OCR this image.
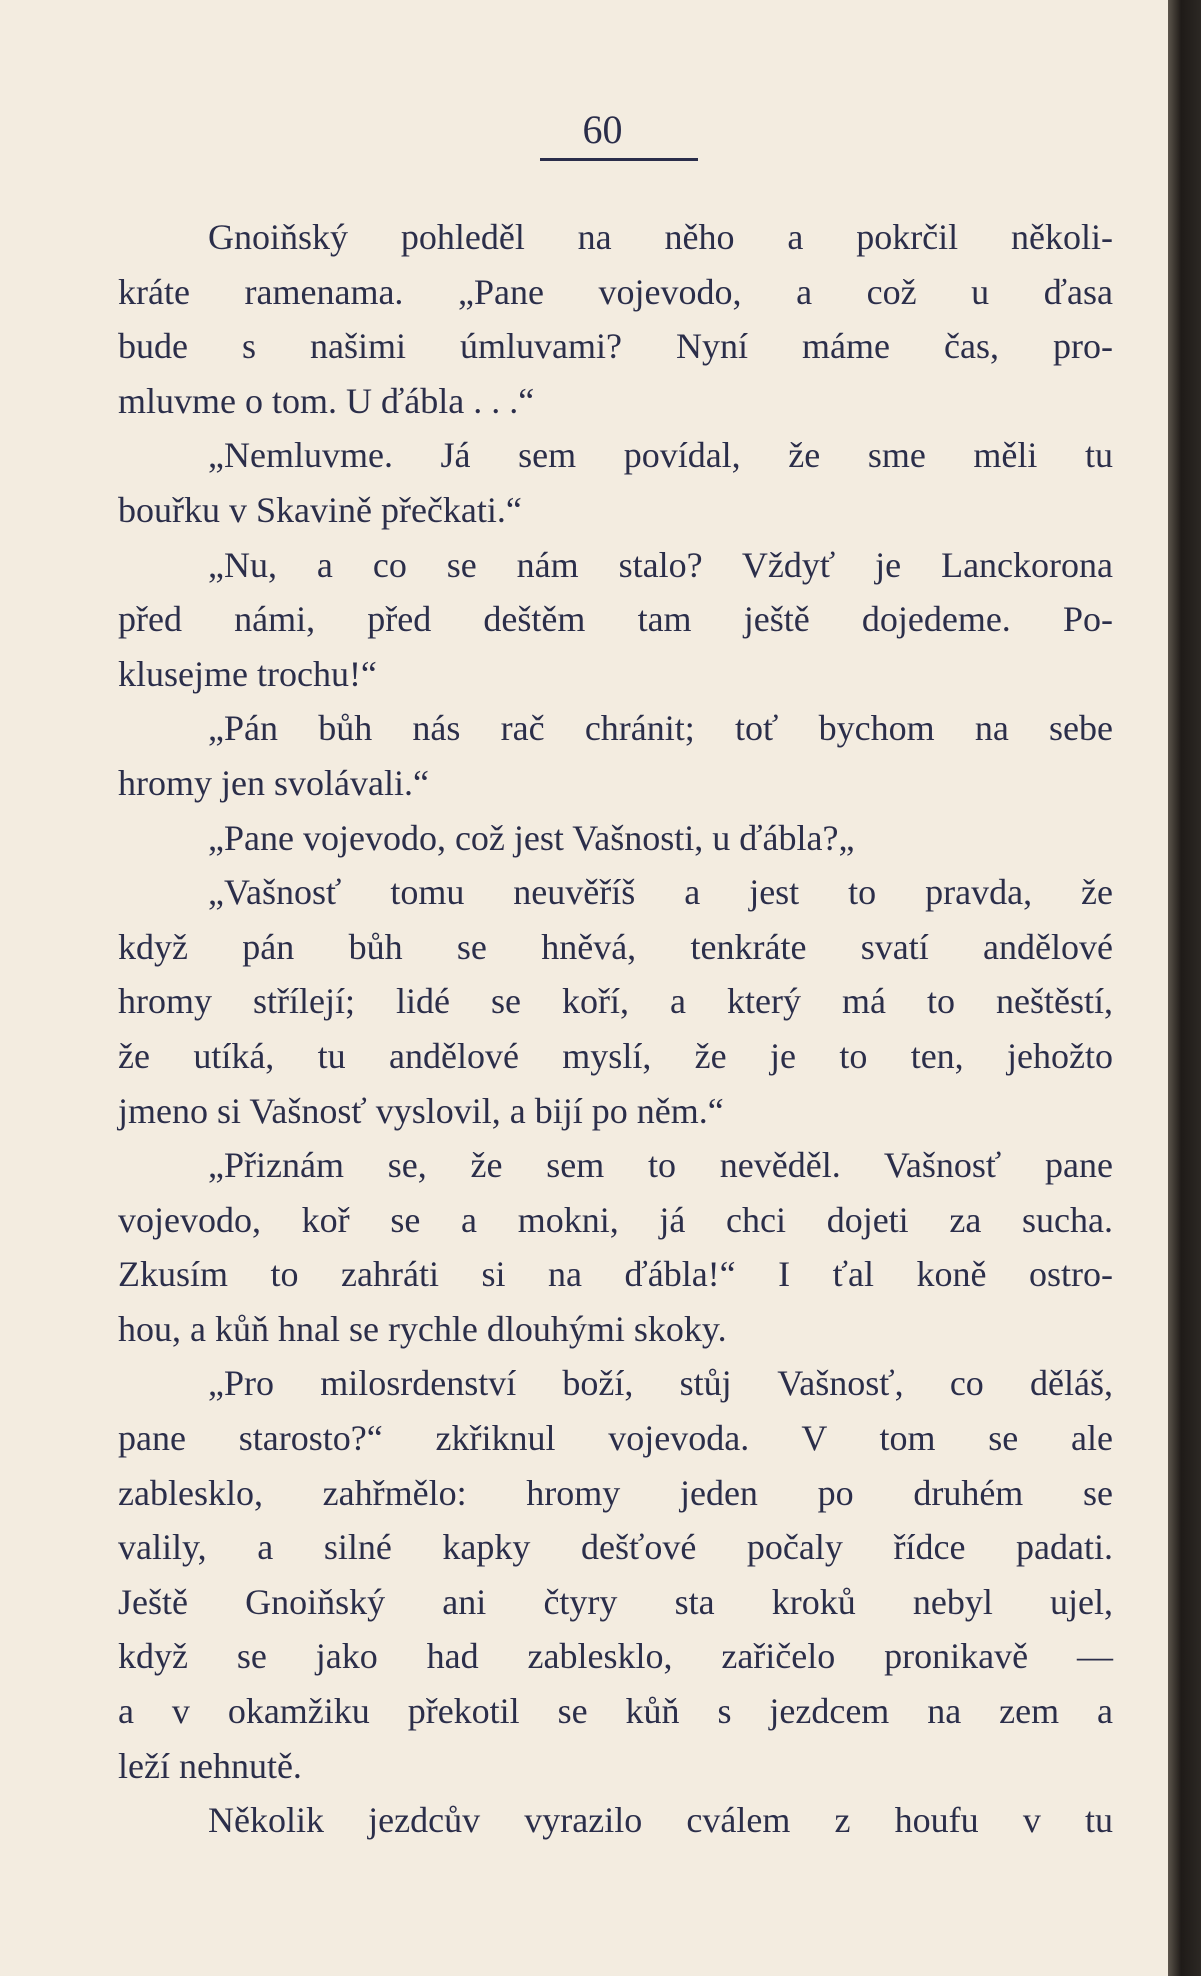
60
Gnoiňský pohleděl na něho a pokrčil několi-
kráte ramenama. „Pane vojevodo, a což u ďasa
bude s našimi úmluvami? Nyní máme čas, pro-
mluvme o tom. U ďábla . . .“
„Nemluvme. Já sem povídal, že sme měli tu
bouřku v Skavině přečkati.“
„Nu, a co se nám stalo? Vždyť je Lanckorona
před námi, před deštěm tam ještě dojedeme. Po-
klusejme trochu!“
„Pán bůh nás rač chránit; toť bychom na sebe
hromy jen svolávali.“
„Pane vojevodo, což jest Vašnosti, u ďábla?„
„Vašnosť tomu neuvěříš a jest to pravda, že
když pán bůh se hněvá, tenkráte svatí andělové
hromy střílejí; lidé se koří, a který má to neštěstí,
že utíká, tu andělové myslí, že je to ten, jehožto
jmeno si Vašnosť vyslovil, a bijí po něm.“
„Přiznám se, že sem to nevěděl. Vašnosť pane
vojevodo, koř se a mokni, já chci dojeti za sucha.
Zkusím to zahráti si na ďábla!“ I ťal koně ostro-
hou, a kůň hnal se rychle dlouhými skoky.
„Pro milosrdenství boží, stůj Vašnosť, co děláš,
pane starosto?“ zkřiknul vojevoda. V tom se ale
zablesklo, zahřmělo: hromy jeden po druhém se
valily, a silné kapky dešťové počaly řídce padati.
Ještě Gnoiňský ani čtyry sta kroků nebyl ujel,
když se jako had zablesklo, zařičelo pronikavě —
a v okamžiku překotil se kůň s jezdcem na zem a
leží nehnutě.
Několik jezdcův vyrazilo cválem z houfu v tu
